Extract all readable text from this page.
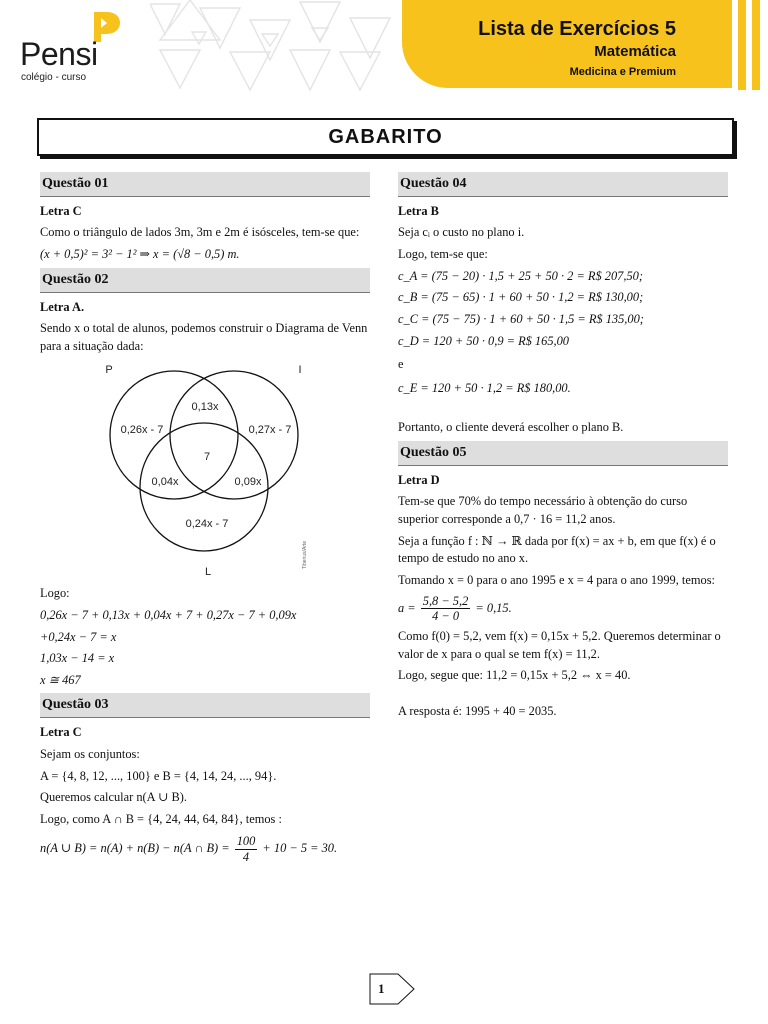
Pensi
colégio - curso
Lista de Exercícios 5
Matemática
Medicina e Premium
GABARITO
Questão 01
Letra C
Como o triângulo de lados 3m, 3m e 2m é isósceles, tem-se que:
(x + 0,5)² = 3² − 1² ⇒ x = (√8 − 0,5) m.
Questão 02
Letra A.
Sendo x o total de alunos, podemos construir o Diagrama de Venn para a situação dada:
P	I
L
0,26x - 7
0,13x
0,27x - 7
7
0,04x	0,09x
0,24x - 7
Tiberius/Arte
Logo:
0,26x − 7 + 0,13x + 0,04x + 7 + 0,27x − 7 + 0,09x
+0,24x − 7 = x
1,03x − 14 = x
x ≅ 467
Questão 03
Letra C
Sejam os conjuntos:
A = {4, 8, 12, ..., 100} e B = {4, 14, 24, ..., 94}.
Queremos calcular n(A ∪ B).
Logo, como A ∩ B = {4, 24, 44, 64, 84}, temos :
n(A ∪ B) = n(A) + n(B) − n(A ∩ $B) = \frac{100}{4} + 10 - 5 = 30$.
Questão 04
Letra B
Seja cᵢ o custo no plano i.
Logo, tem-se que:
c_A = (75 − 20) · 1,5 + 25 + 50 · 2 = R$ 207,50;
c_B = (75 − 65) · 1 + 60 + 50 · 1,2 = R$ 130,00;
c_C = (75 − 75) · 1 + 60 + 50 · 1,5 = R$ 135,00;
c_D = 120 + 50 · 0,9 = R$ 165,00
e
c_E = 120 + 50 · 1,2 = R$ 180,00.
Portanto, o cliente deverá escolher o plano B.
Questão 05
Letra D
Tem-se que 70% do tempo necessário à obtenção do curso superior corresponde a 0,7 · 16 = 11,2 anos.
Seja a função f : ℕ → ℝ dada por f(x) = ax + b, em que f(x) é o tempo de estudo no ano x.
Tomando x = 0 para o ano 1995 e x = 4 para o ano 1999, temos:
$a = \frac{5,8 - 5,2}{4 - 0} = 0,15$.
Como f(0) = 5,2, vem f(x) = 0,15x + 5,2. Queremos determinar o valor de x para o qual se tem f(x) = 11,2.
Logo, segue que: 11,2 = 0,15x + 5,2 ⇔ x = 40.
A resposta é: 1995 + 40 = 2035.
1
